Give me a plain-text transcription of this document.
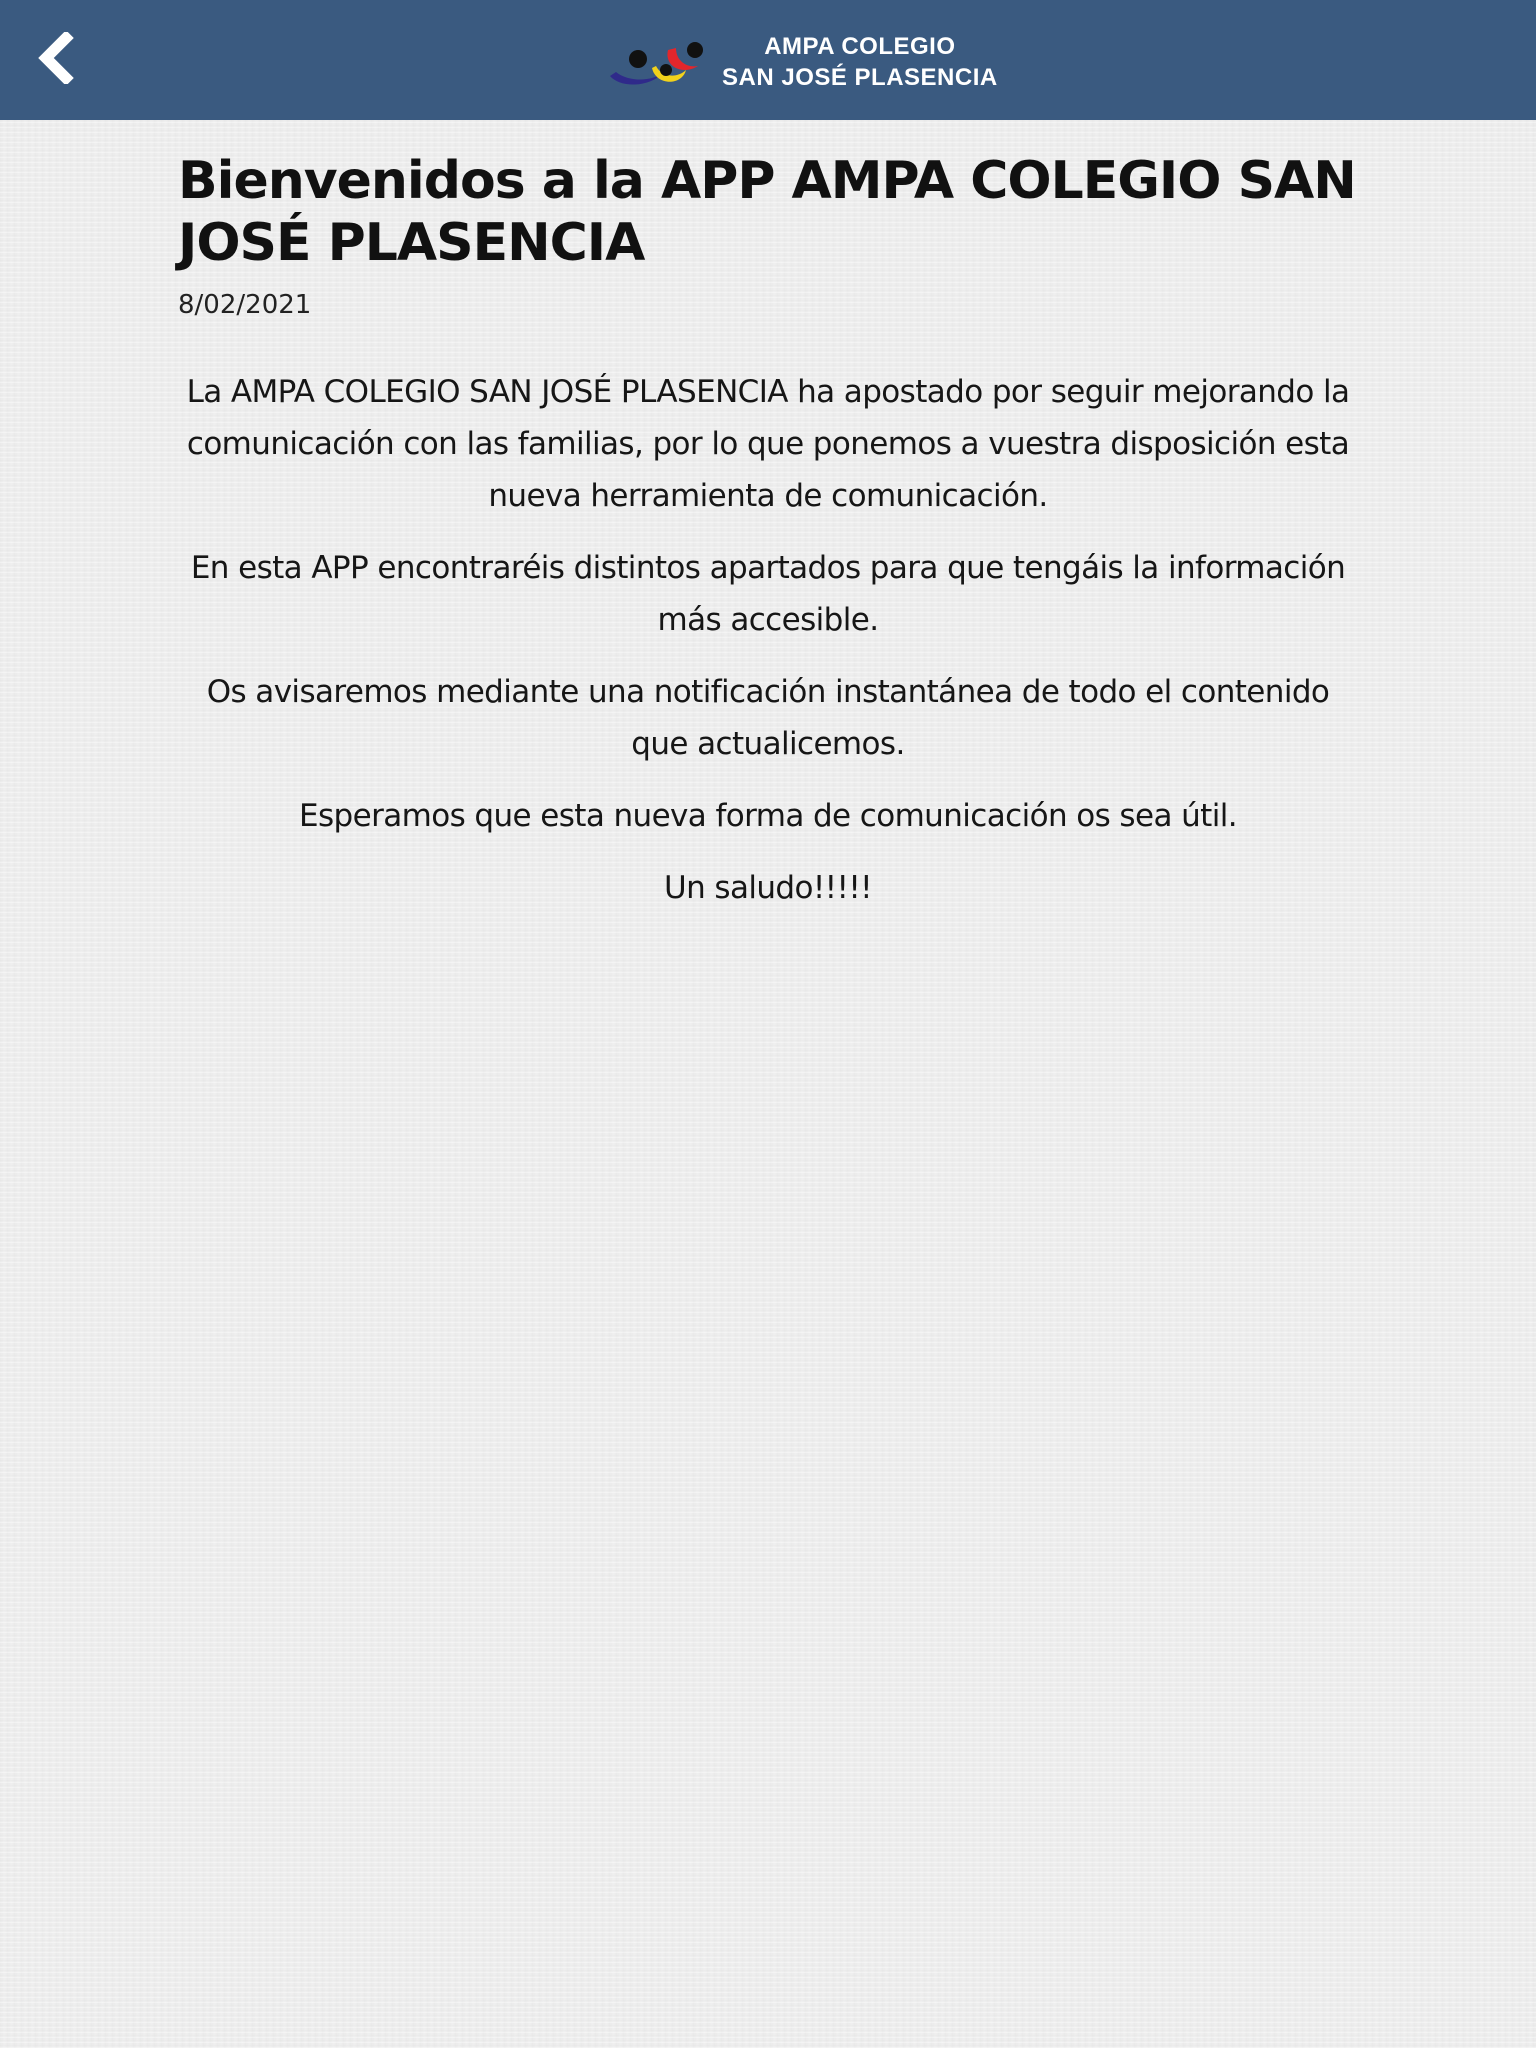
AMPA COLEGIO
SAN JOSÉ PLASENCIA
Bienvenidos a la APP AMPA COLEGIO SAN JOSÉ PLASENCIA
8/02/2021

La AMPA COLEGIO SAN JOSÉ PLASENCIA ha apostado por seguir mejorando la comunicación con las familias, por lo que ponemos a vuestra disposición esta nueva herramienta de comunicación.

En esta APP encontraréis distintos apartados para que tengáis la información más accesible.

Os avisaremos mediante una notificación instantánea de todo el contenido que actualicemos.

Esperamos que esta nueva forma de comunicación os sea útil.

Un saludo!!!!!
